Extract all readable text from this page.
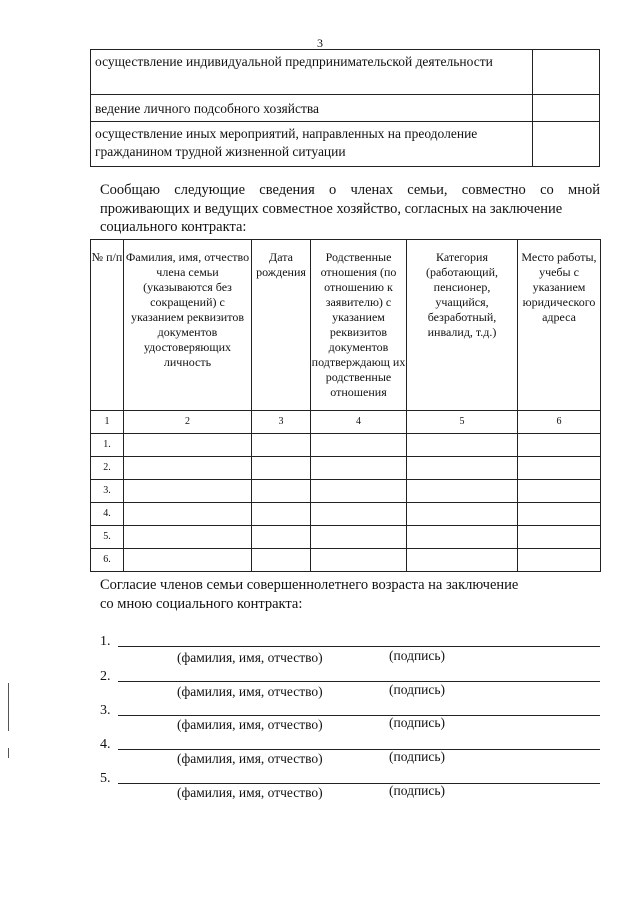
3
осуществление индивидуальной предпринимательской деятельности	
ведение личного подсобного хозяйства	
осуществление иных мероприятий, направленных на преодоление гражданином трудной жизненной ситуации	
Сообщаю следующие сведения о членах семьи, совместно со мной проживающих и ведущих совместное хозяйство, согласных на заключение
социального контракта:
№ п/п	Фамилия, имя, отчество члена семьи (указываются без сокращений) с указанием реквизитов документов удостоверяющих личность	Дата рождения	Родственные отношения (по отношению к заявителю) с указанием реквизитов документов подтверждающ их родственные отношения	Категория (работающий, пенсионер, учащийся, безработный, инвалид, т.д.)	Место работы, учебы с указанием юридического адреса
1	2	3	4	5	6
1.					
2.					
3.					
4.					
5.					
6.					
Согласие членов семьи совершеннолетнего возраста на заключение
со мною социального контракта:
1.
(фамилия, имя, отчество)	(подпись)
2.
(фамилия, имя, отчество)	(подпись)
3.
(фамилия, имя, отчество)	(подпись)
4.
(фамилия, имя, отчество)	(подпись)
5.
(фамилия, имя, отчество)	(подпись)
